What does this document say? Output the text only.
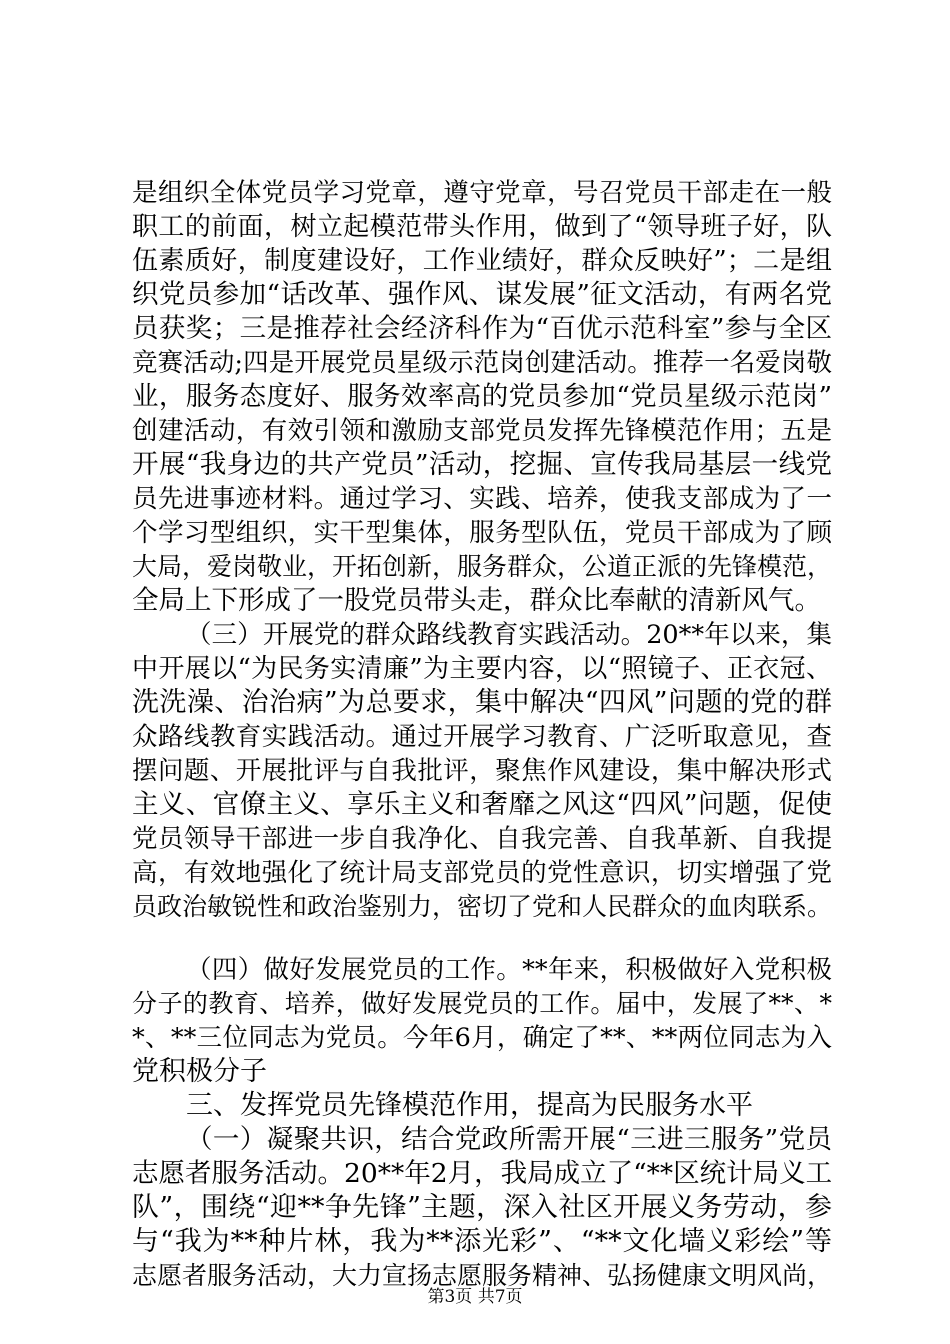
是组织全体党员学习党章，遵守党章，号召党员干部走在一般
职工的前面，树立起模范带头作用，做到了“领导班子好，队
伍素质好，制度建设好，工作业绩好，群众反映好”；二是组
织党员参加“话改革、强作风、谋发展”征文活动，有两名党
员获奖；三是推荐社会经济科作为“百优示范科室”参与全区
竞赛活动;四是开展党员星级示范岗创建活动。推荐一名爱岗敬
业，服务态度好、服务效率高的党员参加“党员星级示范岗”
创建活动，有效引领和激励支部党员发挥先锋模范作用；五是
开展“我身边的共产党员”活动，挖掘、宣传我局基层一线党
员先进事迹材料。通过学习、实践、培养，使我支部成为了一
个学习型组织，实干型集体，服务型队伍，党员干部成为了顾
大局，爱岗敬业，开拓创新，服务群众，公道正派的先锋模范，
全局上下形成了一股党员带头走，群众比奉献的清新风气。
（三）开展党的群众路线教育实践活动。20**年以来，集
中开展以“为民务实清廉”为主要内容，以“照镜子、正衣冠、
洗洗澡、治治病”为总要求，集中解决“四风”问题的党的群
众路线教育实践活动。通过开展学习教育、广泛听取意见，查
摆问题、开展批评与自我批评，聚焦作风建设，集中解决形式
主义、官僚主义、享乐主义和奢靡之风这“四风”问题，促使
党员领导干部进一步自我净化、自我完善、自我革新、自我提
高，有效地强化了统计局支部党员的党性意识，切实增强了党
员政治敏锐性和政治鉴别力，密切了党和人民群众的血肉联系。
（四）做好发展党员的工作。**年来，积极做好入党积极
分子的教育、培养，做好发展党员的工作。届中，发展了**、*
*、**三位同志为党员。今年6月，确定了**、**两位同志为入
党积极分子
三、发挥党员先锋模范作用，提高为民服务水平
（一）凝聚共识，结合党政所需开展“三进三服务”党员
志愿者服务活动。20**年2月，我局成立了“**区统计局义工
队”，围绕“迎**争先锋”主题，深入社区开展义务劳动，参
与“我为**种片林，我为**添光彩”、“**文化墙义彩绘”等
志愿者服务活动，大力宣扬志愿服务精神、弘扬健康文明风尚，
第3页 共7页
